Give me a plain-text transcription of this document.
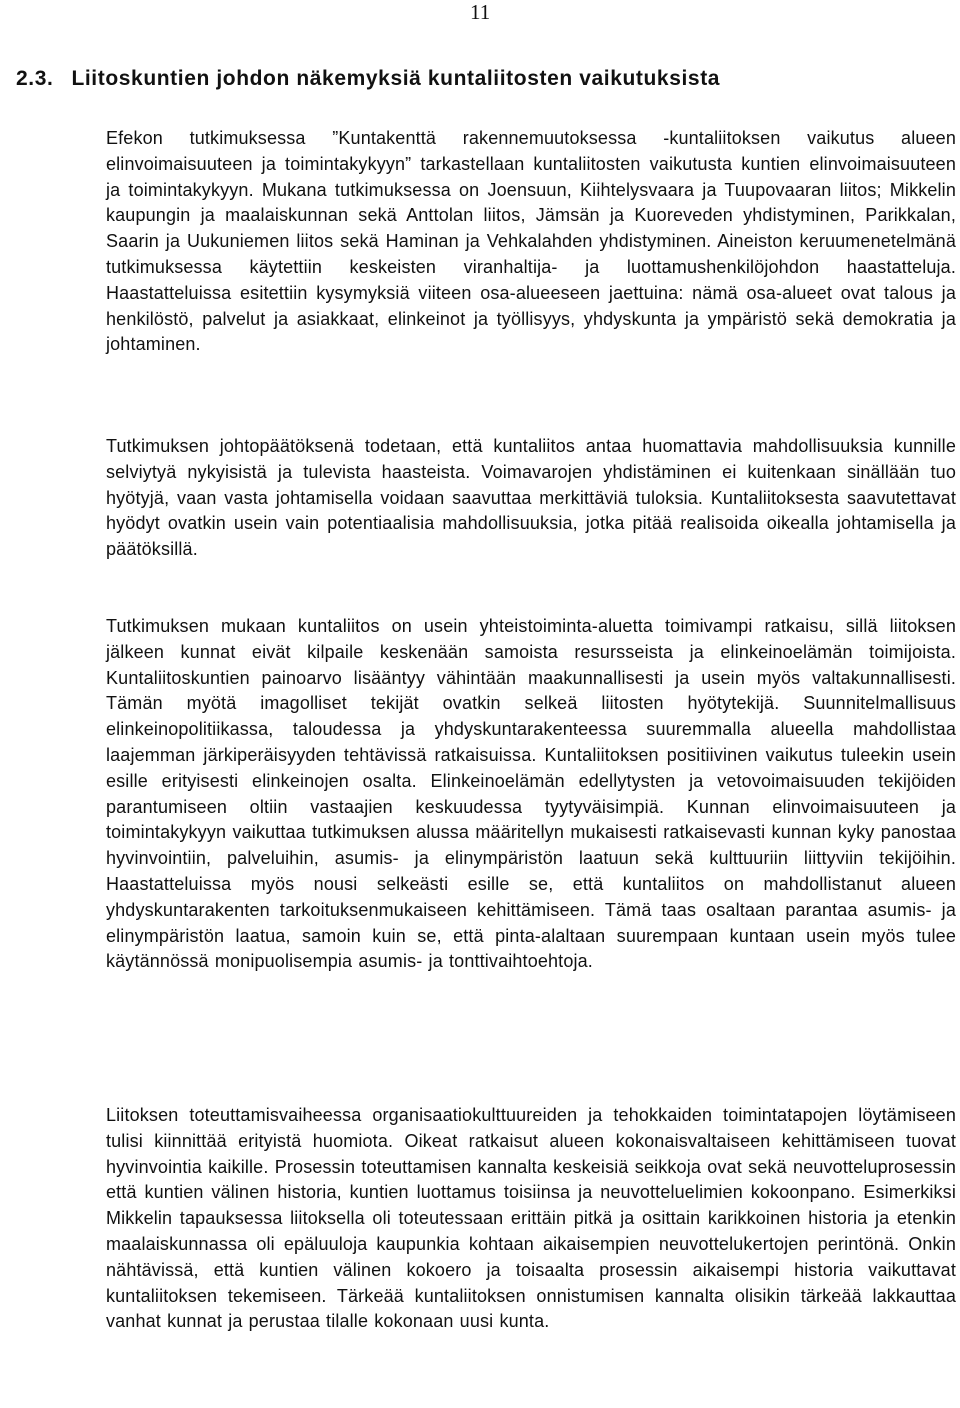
11
2.3. Liitoskuntien johdon näkemyksiä kuntaliitosten vaikutuksista
Efekon tutkimuksessa ”Kuntakenttä rakennemuutoksessa -kuntaliitoksen vaikutus alueen elinvoimaisuuteen ja toimintakykyyn” tarkastellaan kuntaliitosten vaikutusta kuntien elinvoimaisuuteen ja toimintakykyyn. Mukana tutkimuksessa on Joensuun, Kiihtelysvaara ja Tuupovaaran liitos; Mikkelin kaupungin ja maalaiskunnan sekä Anttolan liitos, Jämsän ja Kuoreveden yhdistyminen, Parikkalan, Saarin ja Uukuniemen liitos sekä Haminan ja Vehkalahden yhdistyminen. Aineiston keruumenetelmänä tutkimuksessa käytettiin keskeisten viranhaltija- ja luottamushenkilöjohdon haastatteluja. Haastatteluissa esitettiin kysymyksiä viiteen osa-alueeseen jaettuina: nämä osa-alueet ovat talous ja henkilöstö, palvelut ja asiakkaat, elinkeinot ja työllisyys, yhdyskunta ja ympäristö sekä demokratia ja johtaminen.
Tutkimuksen johtopäätöksenä todetaan, että kuntaliitos antaa huomattavia mahdollisuuksia kunnille selviytyä nykyisistä ja tulevista haasteista. Voimavarojen yhdistäminen ei kuitenkaan sinällään tuo hyötyjä, vaan vasta johtamisella voidaan saavuttaa merkittäviä tuloksia. Kuntaliitoksesta saavutettavat hyödyt ovatkin usein vain potentiaalisia mahdollisuuksia, jotka pitää realisoida oikealla johtamisella ja päätöksillä.
Tutkimuksen mukaan kuntaliitos on usein yhteistoiminta-aluetta toimivampi ratkaisu, sillä liitoksen jälkeen kunnat eivät kilpaile keskenään samoista resursseista ja elinkeinoelämän toimijoista. Kuntaliitoskuntien painoarvo lisääntyy vähintään maakunnallisesti ja usein myös valtakunnallisesti. Tämän myötä imagolliset tekijät ovatkin selkeä liitosten hyötytekijä. Suunnitelmallisuus elinkeinopolitiikassa, taloudessa ja yhdyskuntarakenteessa suuremmalla alueella mahdollistaa laajemman järkiperäisyyden tehtävissä ratkaisuissa. Kuntaliitoksen positiivinen vaikutus tuleekin usein esille erityisesti elinkeinojen osalta. Elinkeinoelämän edellytysten ja vetovoimaisuuden tekijöiden parantumiseen oltiin vastaajien keskuudessa tyytyväisimpiä. Kunnan elinvoimaisuuteen ja toimintakykyyn vaikuttaa tutkimuksen alussa määritellyn mukaisesti ratkaisevasti kunnan kyky panostaa hyvinvointiin, palveluihin, asumis- ja elinympäristön laatuun sekä kulttuuriin liittyviin tekijöihin. Haastatteluissa myös nousi selkeästi esille se, että kuntaliitos on mahdollistanut alueen yhdyskuntarakenten tarkoituksenmukaiseen kehittämiseen. Tämä taas osaltaan parantaa asumis- ja elinympäristön laatua, samoin kuin se, että pinta-alaltaan suurempaan kuntaan usein myös tulee käytännössä monipuolisempia asumis- ja tonttivaihtoehtoja.
Liitoksen toteuttamisvaiheessa organisaatiokulttuureiden ja tehokkaiden toimintatapojen löytämiseen tulisi kiinnittää erityistä huomiota. Oikeat ratkaisut alueen kokonaisvaltaiseen kehittämiseen tuovat hyvinvointia kaikille. Prosessin toteuttamisen kannalta keskeisiä seikkoja ovat sekä neuvotteluprosessin että kuntien välinen historia, kuntien luottamus toisiinsa ja neuvotteluelimien kokoonpano. Esimerkiksi Mikkelin tapauksessa liitoksella oli toteutessaan erittäin pitkä ja osittain karikkoinen historia ja etenkin maalaiskunnassa oli epäluuloja kaupunkia kohtaan aikaisempien neuvottelukertojen perintönä. Onkin nähtävissä, että kuntien välinen kokoero ja toisaalta prosessin aikaisempi historia vaikuttavat kuntaliitoksen tekemiseen. Tärkeää kuntaliitoksen onnistumisen kannalta olisikin tärkeää lakkauttaa vanhat kunnat ja perustaa tilalle kokonaan uusi kunta.
